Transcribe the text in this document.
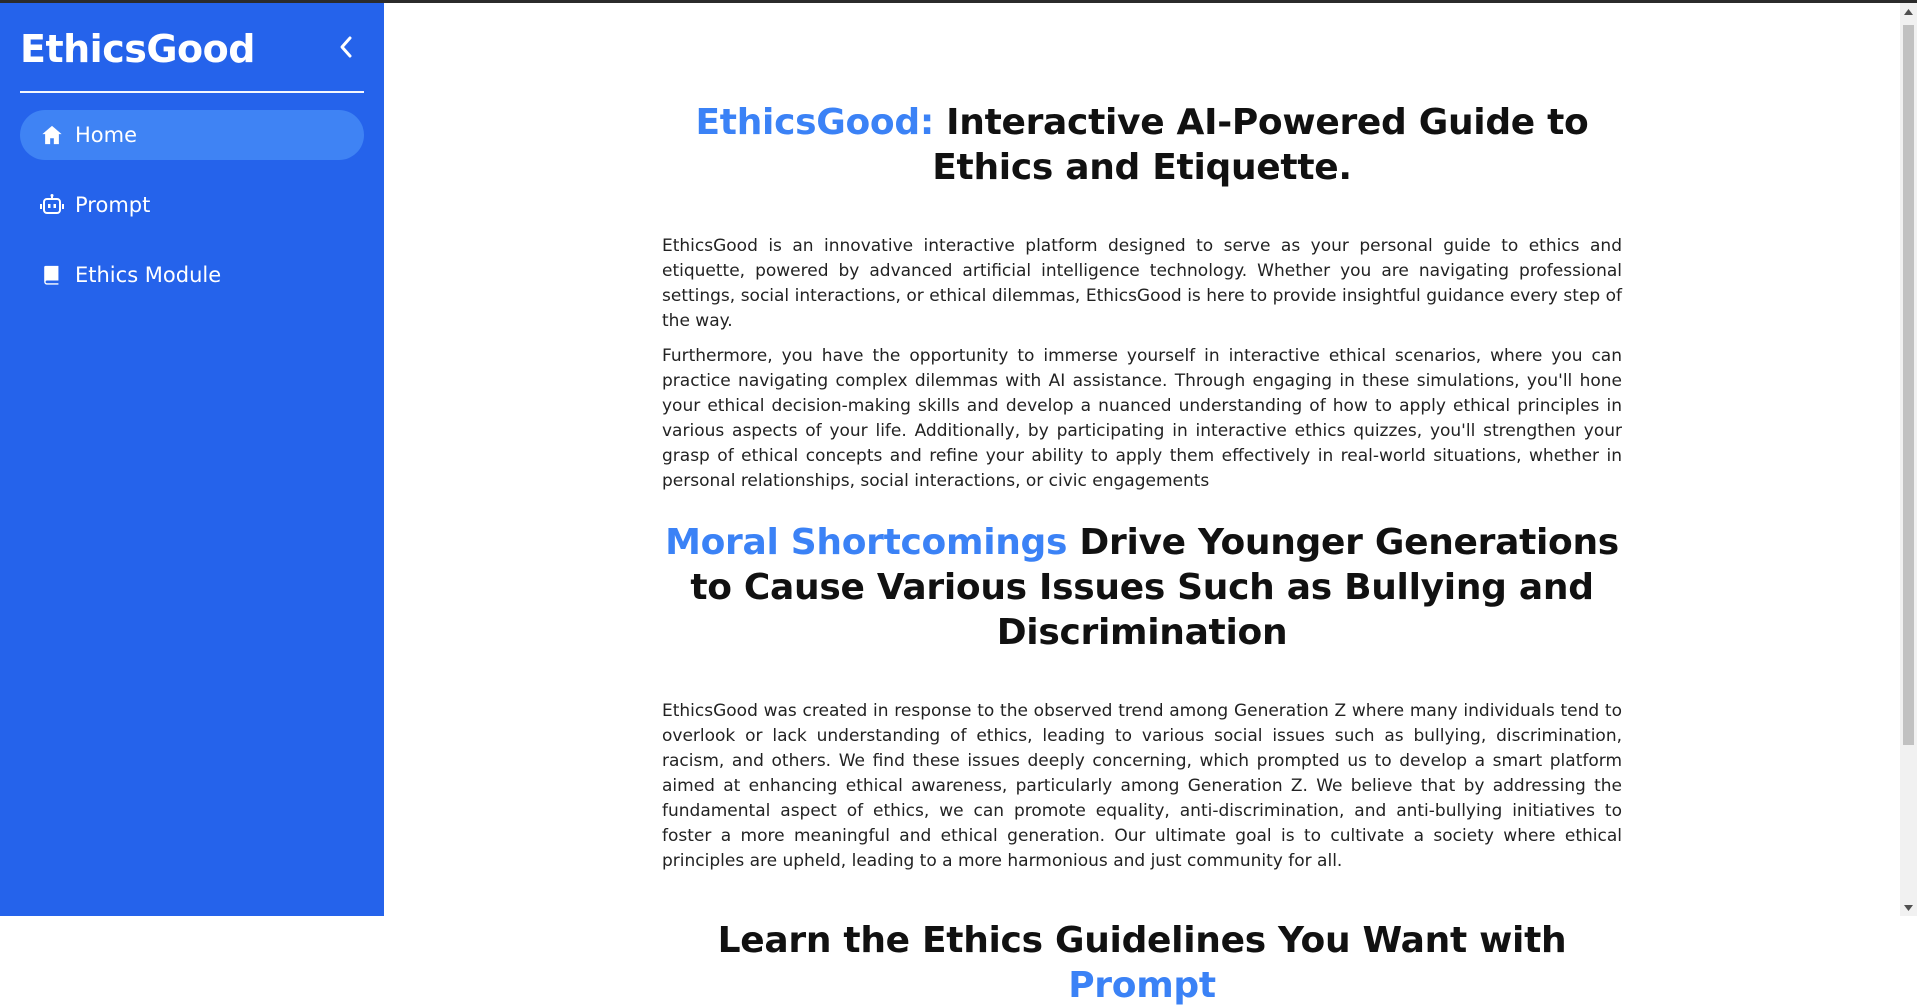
EthicsGood
Home
Prompt
Ethics Module
EthicsGood: Interactive AI-Powered Guide to Ethics and Etiquette.

EthicsGood is an innovative interactive platform designed to serve as your personal guide to ethics and etiquette, powered by advanced artificial intelligence technology. Whether you are navigating professional settings, social interactions, or ethical dilemmas, EthicsGood is here to provide insightful guidance every step of the way.

Furthermore, you have the opportunity to immerse yourself in interactive ethical scenarios, where you can practice navigating complex dilemmas with AI assistance. Through engaging in these simulations, you'll hone your ethical decision-making skills and develop a nuanced understanding of how to apply ethical principles in various aspects of your life. Additionally, by participating in interactive ethics quizzes, you'll strengthen your grasp of ethical concepts and refine your ability to apply them effectively in real-world situations, whether in personal relationships, social interactions, or civic engagements

Moral Shortcomings Drive Younger Generations to Cause Various Issues Such as Bullying and Discrimination

EthicsGood was created in response to the observed trend among Generation Z where many individuals tend to overlook or lack understanding of ethics, leading to various social issues such as bullying, discrimination, racism, and others. We find these issues deeply concerning, which prompted us to develop a smart platform aimed at enhancing ethical awareness, particularly among Generation Z. We believe that by addressing the fundamental aspect of ethics, we can promote equality, anti-discrimination, and anti-bullying initiatives to foster a more meaningful and ethical generation. Our ultimate goal is to cultivate a society where ethical principles are upheld, leading to a more harmonious and just community for all.

Learn the Ethics Guidelines You Want with Prompt
